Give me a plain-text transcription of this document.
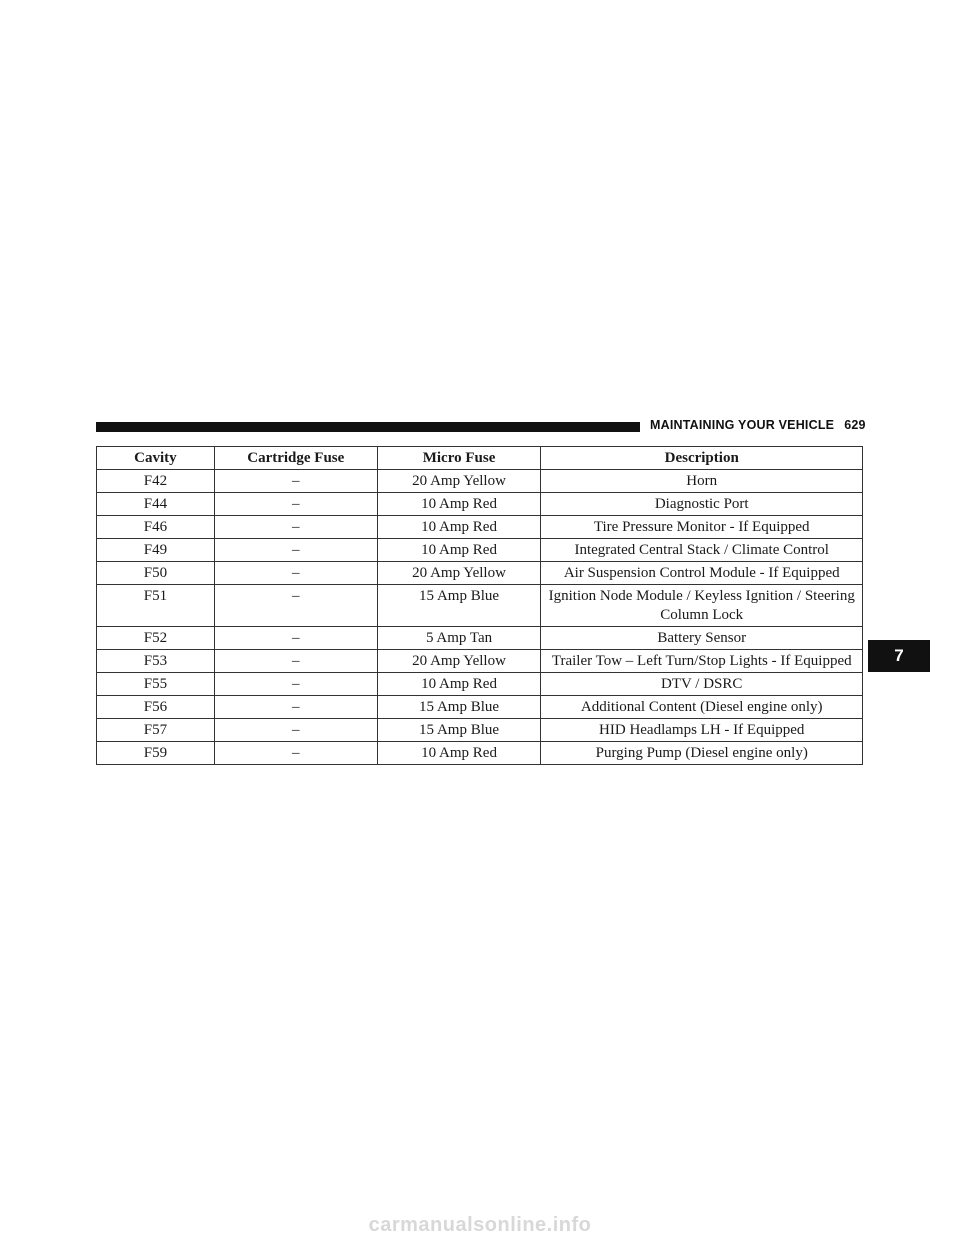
MAINTAINING YOUR VEHICLE 629
Cavity	Cartridge Fuse	Micro Fuse	Description
F42	–	20 Amp Yellow	Horn
F44	–	10 Amp Red	Diagnostic Port
F46	–	10 Amp Red	Tire Pressure Monitor - If Equipped
F49	–	10 Amp Red	Integrated Central Stack / Climate Control
F50	–	20 Amp Yellow	Air Suspension Control Module - If Equipped
F51	–	15 Amp Blue	Ignition Node Module / Keyless Ignition / Steering Column Lock
F52	–	5 Amp Tan	Battery Sensor
F53	–	20 Amp Yellow	Trailer Tow – Left Turn/Stop Lights - If Equipped
F55	–	10 Amp Red	DTV / DSRC
F56	–	15 Amp Blue	Additional Content (Diesel engine only)
F57	–	15 Amp Blue	HID Headlamps LH - If Equipped
F59	–	10 Amp Red	Purging Pump (Diesel engine only)
7
carmanualsonline.info
